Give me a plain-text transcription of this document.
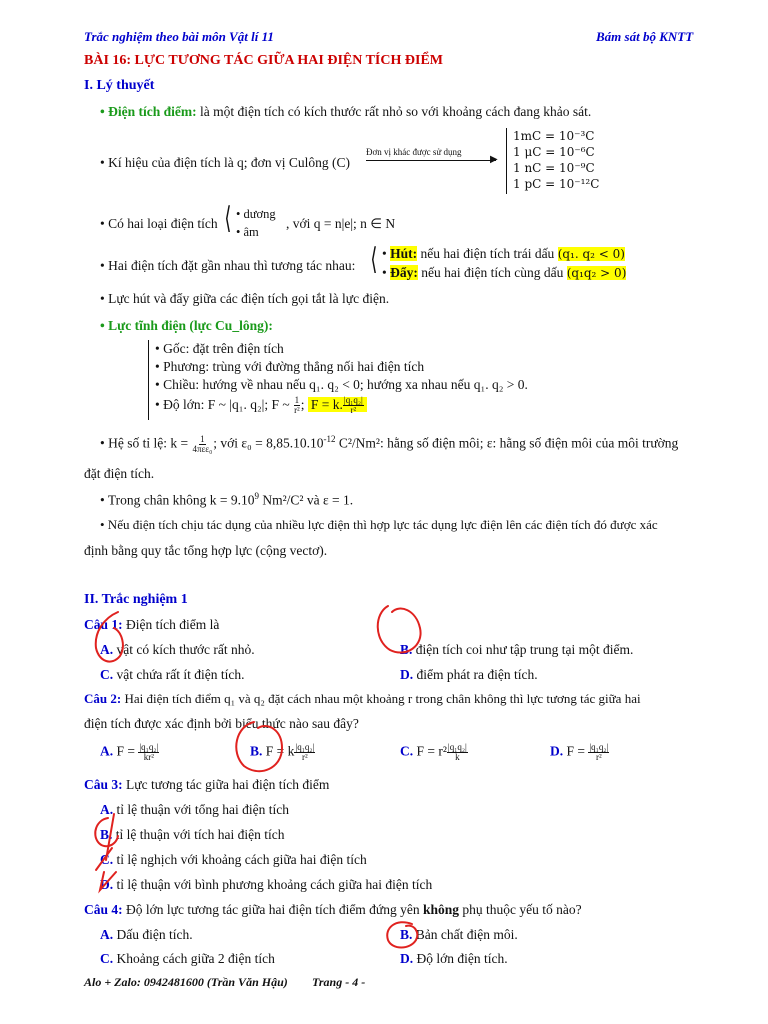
Trắc nghiệm theo bài môn Vật lí 11	Bám sát bộ KNTT
BÀI 16: LỰC TƯƠNG TÁC GIỮA HAI ĐIỆN TÍCH ĐIỂM
I. Lý thuyết
• Điện tích điểm: là một điện tích có kích thước rất nhỏ so với khoảng cách đang khảo sát.
• Kí hiệu của điện tích là q; đơn vị Culông (C)
Đơn vị khác được sử dụng
▶
1mC = 10⁻³C
1 μC = 10⁻⁶C
1 nC = 10⁻⁹C
1 pC = 10⁻¹²C
• Có hai loại điện tích ⟨ • dương
• âm
, với q = n|e|; n ∈ N
• Hai điện tích đặt gần nhau thì tương tác nhau: ⟨ • Hút: nếu hai điện tích trái dấu (q₁. q₂ < 0)
• Đẩy: nếu hai điện tích cùng dấu (q₁q₂ > 0)
• Lực hút và đẩy giữa các điện tích gọi tắt là lực điện.
• Lực tĩnh điện (lực Cu_lông):
• Gốc: đặt trên điện tích
• Phương: trùng với đường thẳng nối hai điện tích
• Chiều: hướng về nhau nếu q₁. q₂ < 0; hướng xa nhau nếu q₁. q₂ > 0.
• Độ lớn: F ~ |q₁. q₂|; F ~ $\frac{1}{\text{r²}}$ ; F = k. $\frac{\text{|q₁q₂|}}{\text{r²}}$
• Hệ số tỉ lệ: $k = \frac{1}{\text{4πεε₀}}$ ; với $\varepsilon_0 = 8,85.10.10^{-12}$ C²/Nm²: hằng số điện môi; ε: hằng số điện môi của môi trường
đặt điện tích.
• Trong chân không $k = 9.10^9$ Nm²/C² và ε = 1.
• Nếu điện tích chịu tác dụng của nhiều lực điện thì hợp lực tác dụng lực điện lên các điện tích đó được xác
định bằng quy tắc tổng hợp lực (cộng vectơ).
II. Trắc nghiệm 1
Câu 1: Điện tích điểm là
A. vật có kích thước rất nhỏ.	B. điện tích coi như tập trung tại một điểm.
C. vật chứa rất ít điện tích.	D. điểm phát ra điện tích.
Câu 2: Hai điện tích điểm q₁ và q₂ đặt cách nhau một khoảng r trong chân không thì lực tương tác giữa hai
điện tích được xác định bởi biểu thức nào sau đây?
A. $F = \frac{\text{|q₁q₂|}}{\text{kr²}}$	B. F = k $\frac{\text{|q₁q₂|}}{\text{r²}}$	C. $F = r^2 \frac{\text{|q₁q₂|}}{k}$	D. $F = \frac{\text{|q₁q₂|}}{\text{r²}}$
Câu 3: Lực tương tác giữa hai điện tích điểm
A. tỉ lệ thuận với tổng hai điện tích
B. tỉ lệ thuận với tích hai điện tích
C. tỉ lệ nghịch với khoảng cách giữa hai điện tích
D. tỉ lệ thuận với bình phương khoảng cách giữa hai điện tích
Câu 4: Độ lớn lực tương tác giữa hai điện tích điểm đứng yên không phụ thuộc yếu tố nào?
A. Dấu điện tích.	B. Bản chất điện môi.
C. Khoảng cách giữa 2 điện tích	D. Độ lớn điện tích.
Alo + Zalo: 0942481600 (Trần Văn Hậu) Trang - 4 -
